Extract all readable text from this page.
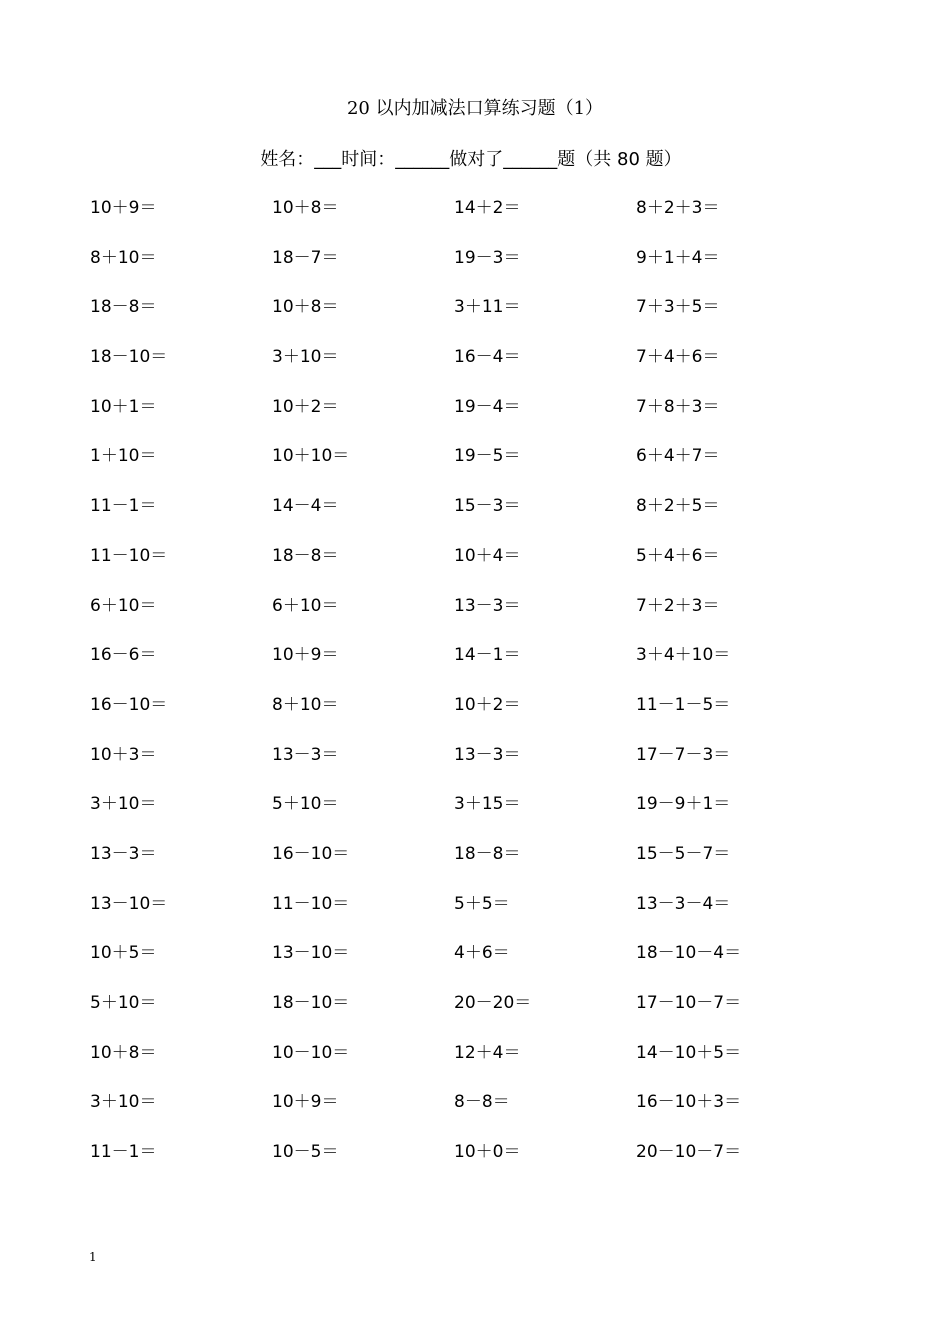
20 以内加减法口算练习题（1）
姓名：___时间：______做对了______题（共 80 题）
10＋9＝	10＋8＝	14＋2＝	8＋2＋3＝
8＋10＝	18－7＝	19－3＝	9＋1＋4＝
18－8＝	10＋8＝	3＋11＝	7＋3＋5＝
18－10＝	3＋10＝	16－4＝	7＋4＋6＝
10＋1＝	10＋2＝	19－4＝	7＋8＋3＝
1＋10＝	10＋10＝	19－5＝	6＋4＋7＝
11－1＝	14－4＝	15－3＝	8＋2＋5＝
11－10＝	18－8＝	10＋4＝	5＋4＋6＝
6＋10＝	6＋10＝	13－3＝	7＋2＋3＝
16－6＝	10＋9＝	14－1＝	3＋4＋10＝
16－10＝	8＋10＝	10＋2＝	11－1－5＝
10＋3＝	13－3＝	13－3＝	17－7－3＝
3＋10＝	5＋10＝	3＋15＝	19－9＋1＝
13－3＝	16－10＝	18－8＝	15－5－7＝
13－10＝	11－10＝	5＋5＝	13－3－4＝
10＋5＝	13－10＝	4＋6＝	18－10－4＝
5＋10＝	18－10＝	20－20＝	17－10－7＝
10＋8＝	10－10＝	12＋4＝	14－10＋5＝
3＋10＝	10＋9＝	8－8＝	16－10＋3＝
11－1＝	10－5＝	10＋0＝	20－10－7＝
1
